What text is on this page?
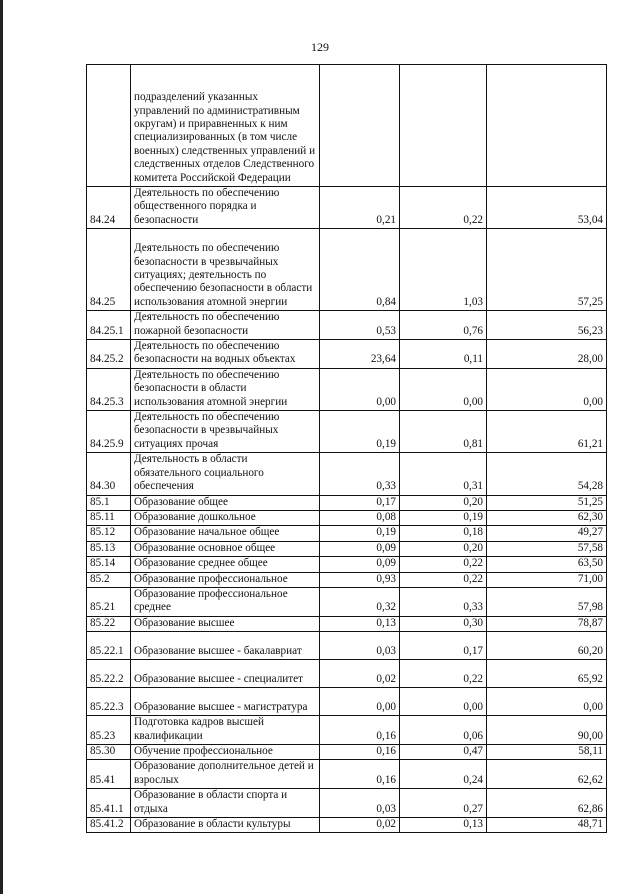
129
	подразделений указанных управлений по административным округам) и приравненных к ним специализированных (в том числе военных) следственных управлений и следственных отделов Следственного комитета Российской Федерации			
84.24	Деятельность по обеспечению общественного порядка и безопасности	0,21	0,22	53,04
84.25	Деятельность по обеспечению безопасности в чрезвычайных ситуациях; деятельность по обеспечению безопасности в области использования атомной энергии	0,84	1,03	57,25
84.25.1	Деятельность по обеспечению пожарной безопасности	0,53	0,76	56,23
84.25.2	Деятельность по обеспечению безопасности на водных объектах	23,64	0,11	28,00
84.25.3	Деятельность по обеспечению безопасности в области использования атомной энергии	0,00	0,00	0,00
84.25.9	Деятельность по обеспечению безопасности в чрезвычайных ситуациях прочая	0,19	0,81	61,21
84.30	Деятельность в области обязательного социального обеспечения	0,33	0,31	54,28
85.1	Образование общее	0,17	0,20	51,25
85.11	Образование дошкольное	0,08	0,19	62,30
85.12	Образование начальное общее	0,19	0,18	49,27
85.13	Образование основное общее	0,09	0,20	57,58
85.14	Образование среднее общее	0,09	0,22	63,50
85.2	Образование профессиональное	0,93	0,22	71,00
85.21	Образование профессиональное среднее	0,32	0,33	57,98
85.22	Образование высшее	0,13	0,30	78,87
85.22.1	Образование высшее - бакалавриат	0,03	0,17	60,20
85.22.2	Образование высшее - специалитет	0,02	0,22	65,92
85.22.3	Образование высшее - магистратура	0,00	0,00	0,00
85.23	Подготовка кадров высшей квалификации	0,16	0,06	90,00
85.30	Обучение профессиональное	0,16	0,47	58,11
85.41	Образование дополнительное детей и взрослых	0,16	0,24	62,62
85.41.1	Образование в области спорта и отдыха	0,03	0,27	62,86
85.41.2	Образование в области культуры	0,02	0,13	48,71
